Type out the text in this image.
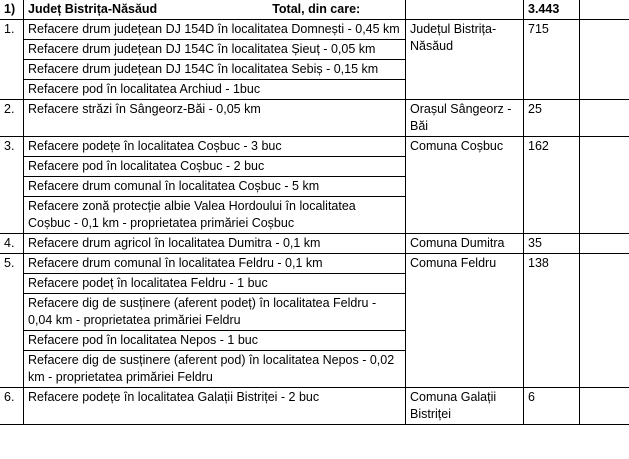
1)	Județ Bistrița-Năsăud Total, din care:		3.443	
1.	Refacere drum județean DJ 154D în localitatea Domnești - 0,45 km
Refacere drum județean DJ 154C în localitatea Șieuț - 0,05 km
Refacere drum județean DJ 154C în localitatea Sebiș - 0,15 km
Refacere pod în localitatea Archiud - 1buc	Județul Bistrița-Năsăud	715	
2.	Refacere străzi în Sângeorz-Băi - 0,05 km	Orașul Sângeorz - Băi	25	
3.	Refacere podețe în localitatea Coșbuc - 3 buc
Refacere pod în localitatea Coșbuc - 2 buc
Refacere drum comunal în localitatea Coșbuc - 5 km
Refacere zonă protecție albie Valea Hordoului în localitatea Coșbuc - 0,1 km - proprietatea primăriei Coșbuc	Comuna Coșbuc	162	
4.	Refacere drum agricol în localitatea Dumitra - 0,1 km	Comuna Dumitra	35	
5.	Refacere drum comunal în localitatea Feldru - 0,1 km
Refacere podeț în localitatea Feldru - 1 buc
Refacere dig de susținere (aferent podeț) în localitatea Feldru - 0,04 km - proprietatea primăriei Feldru
Refacere pod în localitatea Nepos - 1 buc
Refacere dig de susținere (aferent pod) în localitatea Nepos - 0,02 km - proprietatea primăriei Feldru	Comuna Feldru	138	
6.	Refacere podețe în localitatea Galații Bistriței - 2 buc	Comuna Galații Bistriței	6	
